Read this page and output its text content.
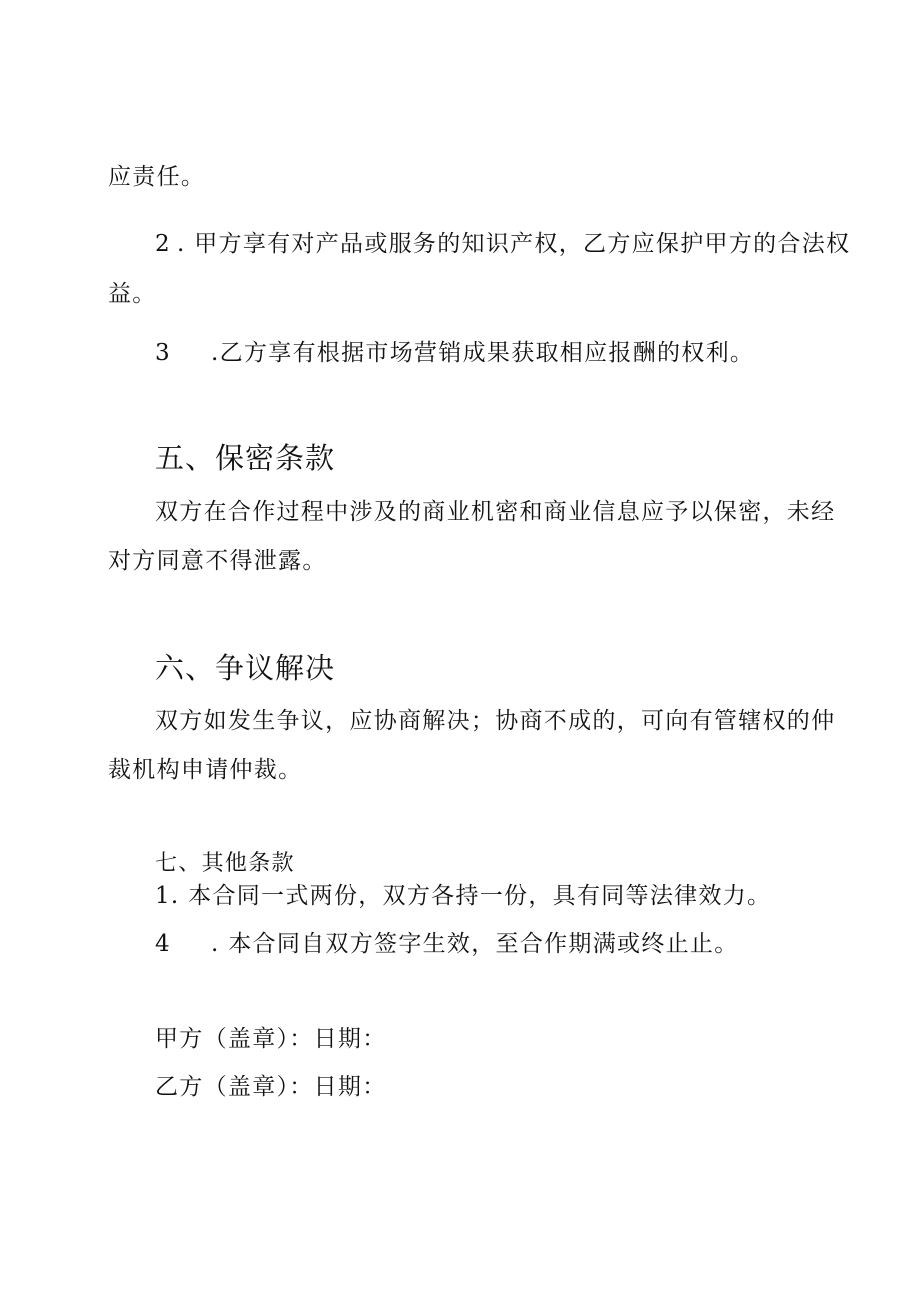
应责任。
2 . 甲方享有对产品或服务的知识产权，乙方应保护甲方的合法权
益。
3 .乙方享有根据市场营销成果获取相应报酬的权利。
五、保密条款
双方在合作过程中涉及的商业机密和商业信息应予以保密，未经
对方同意不得泄露。
六、争议解决
双方如发生争议，应协商解决；协商不成的，可向有管辖权的仲
裁机构申请仲裁。
七、其他条款
1. 本合同一式两份，双方各持一份，具有同等法律效力。
4 . 本合同自双方签字生效，至合作期满或终止止。
甲方（盖章）：日期：
乙方（盖章）：日期：
